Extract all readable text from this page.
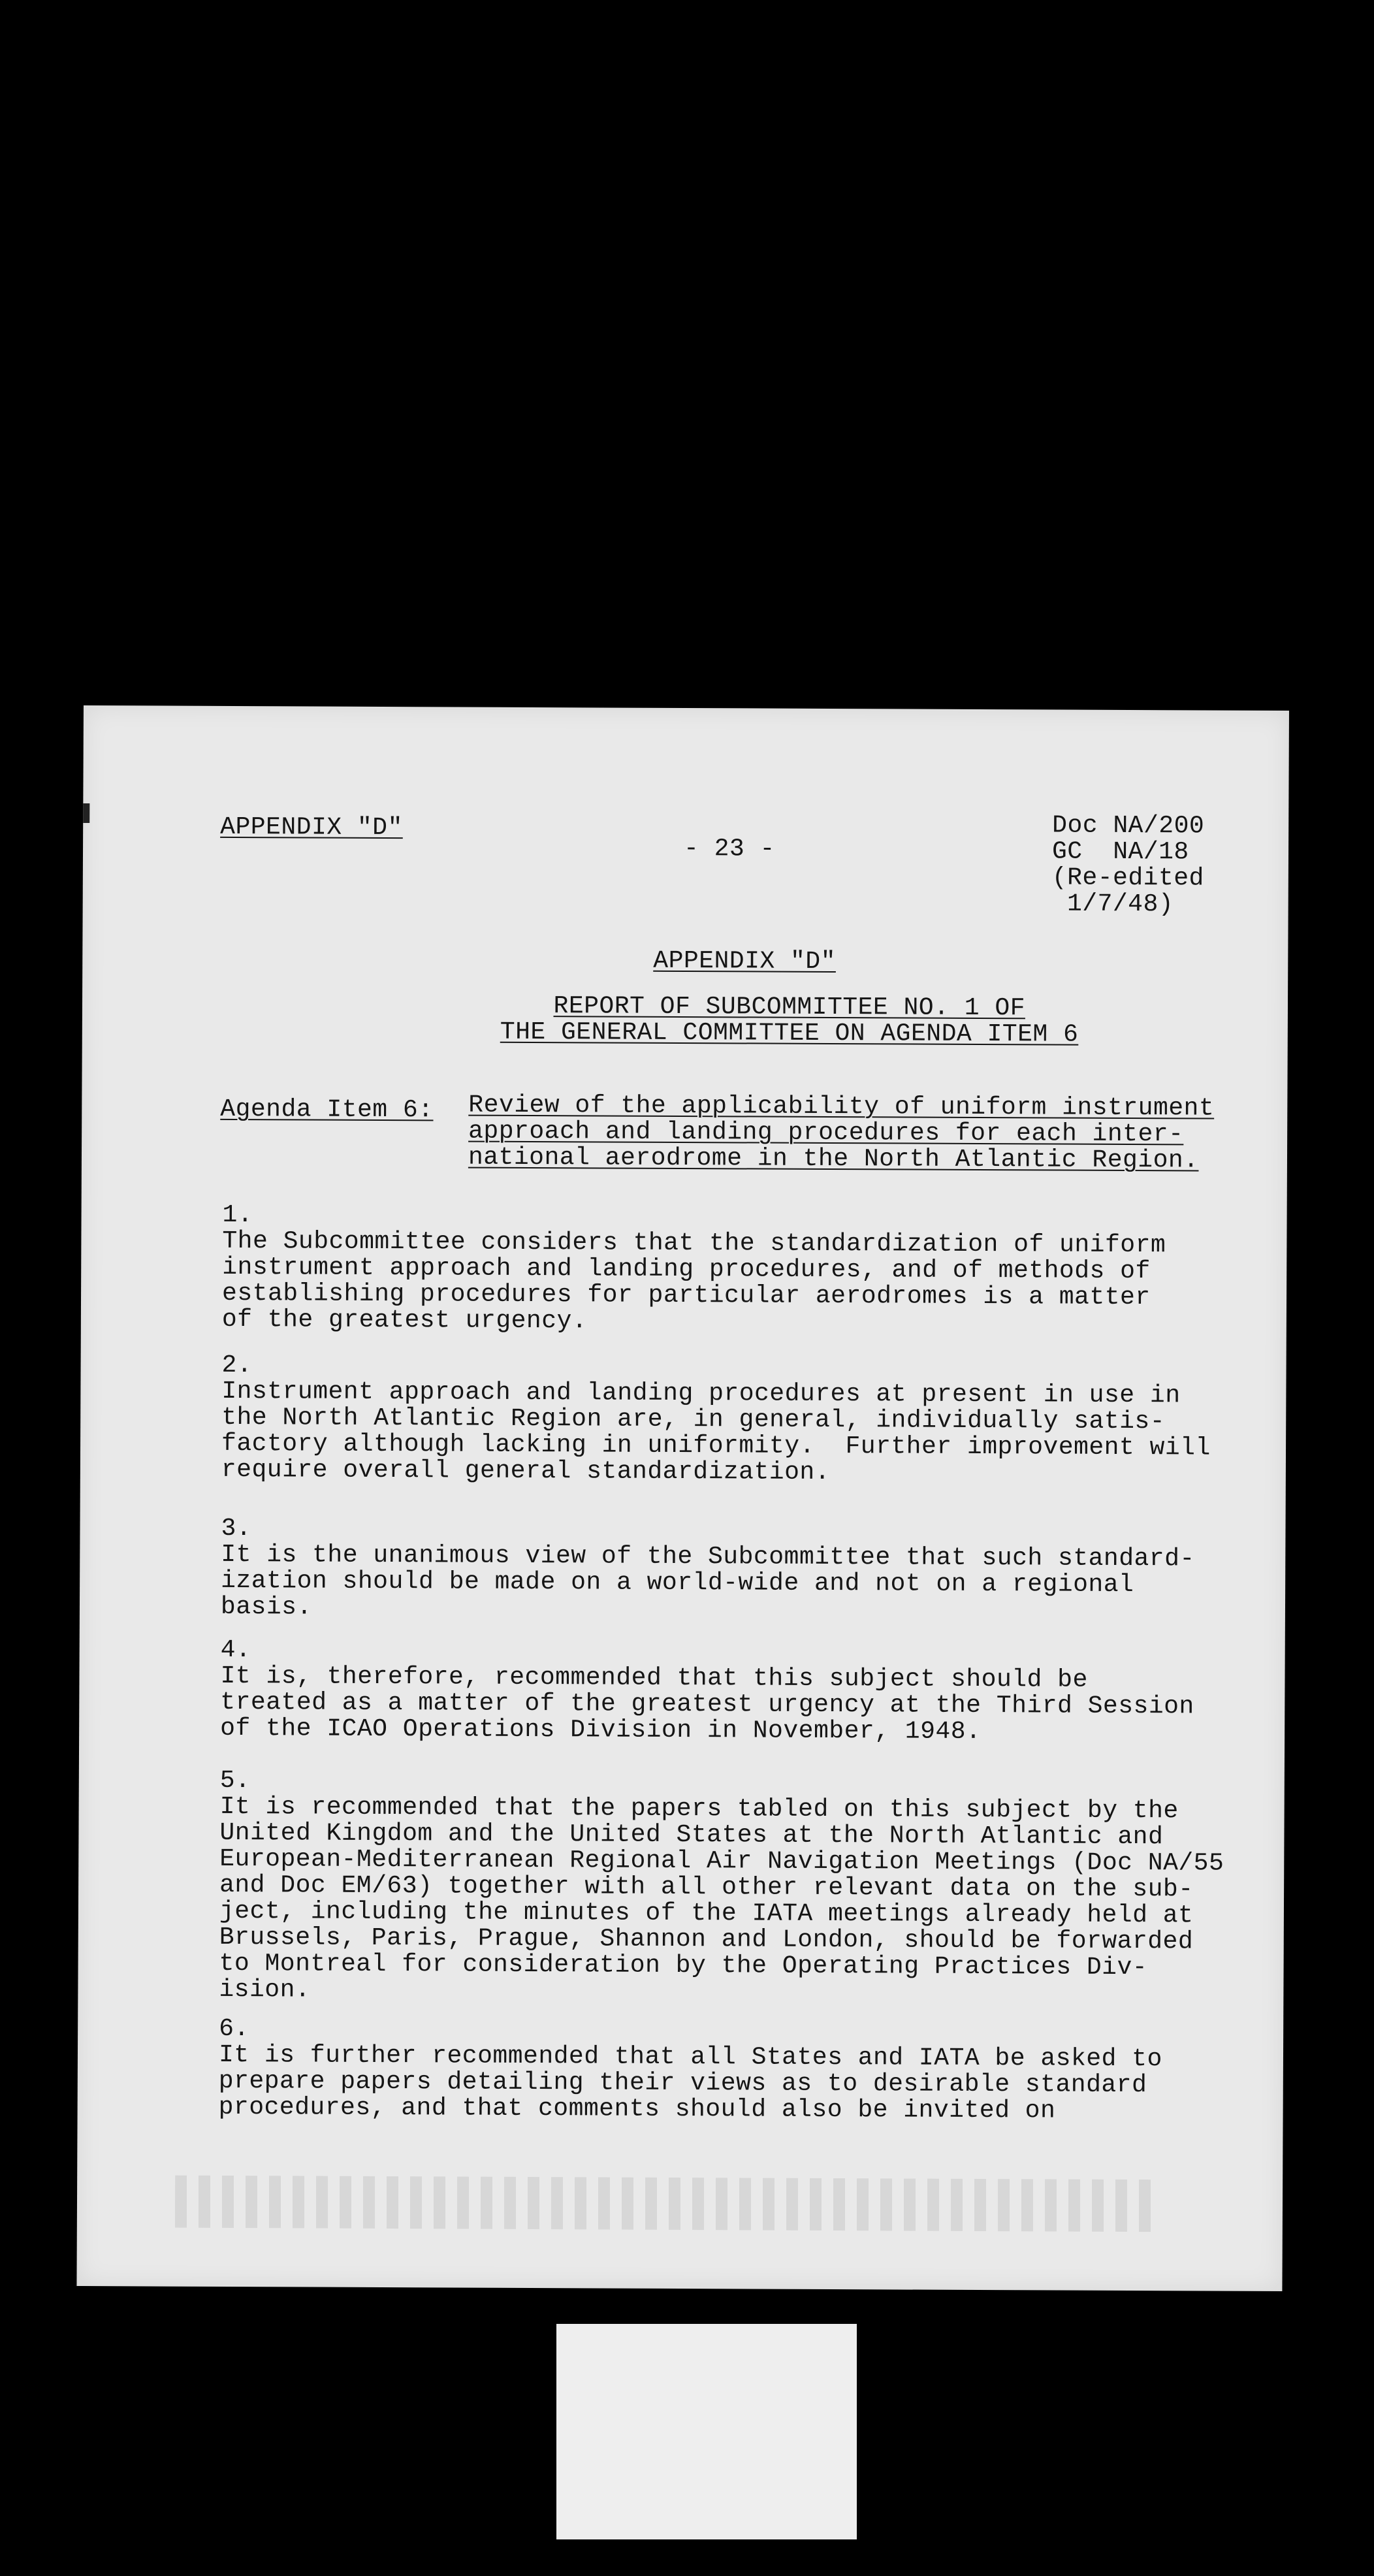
APPENDIX "D"
- 23 -
Doc NA/200
GC  NA/18
(Re-edited
1/7/48)
APPENDIX "D"
REPORT OF SUBCOMMITTEE NO. 1 OF
THE GENERAL COMMITTEE ON AGENDA ITEM 6
Agenda Item 6: Review of the applicability of uniform instrument
approach and landing procedures for each inter-
national aerodrome in the North Atlantic Region.
1.
The Subcommittee considers that the standardization of uniform
instrument approach and landing procedures, and of methods of
establishing procedures for particular aerodromes is a matter
of the greatest urgency.
2.
Instrument approach and landing procedures at present in use in
the North Atlantic Region are, in general, individually satis-
factory although lacking in uniformity.  Further improvement will
require overall general standardization.
3.
It is the unanimous view of the Subcommittee that such standard-
ization should be made on a world-wide and not on a regional
basis.
4.
It is, therefore, recommended that this subject should be
treated as a matter of the greatest urgency at the Third Session
of the ICAO Operations Division in November, 1948.
5.
It is recommended that the papers tabled on this subject by the
United Kingdom and the United States at the North Atlantic and
European-Mediterranean Regional Air Navigation Meetings (Doc NA/55
and Doc EM/63) together with all other relevant data on the sub-
ject, including the minutes of the IATA meetings already held at
Brussels, Paris, Prague, Shannon and London, should be forwarded
to Montreal for consideration by the Operating Practices Div-
ision.
6.
It is further recommended that all States and IATA be asked to
prepare papers detailing their views as to desirable standard
procedures, and that comments should also be invited on
